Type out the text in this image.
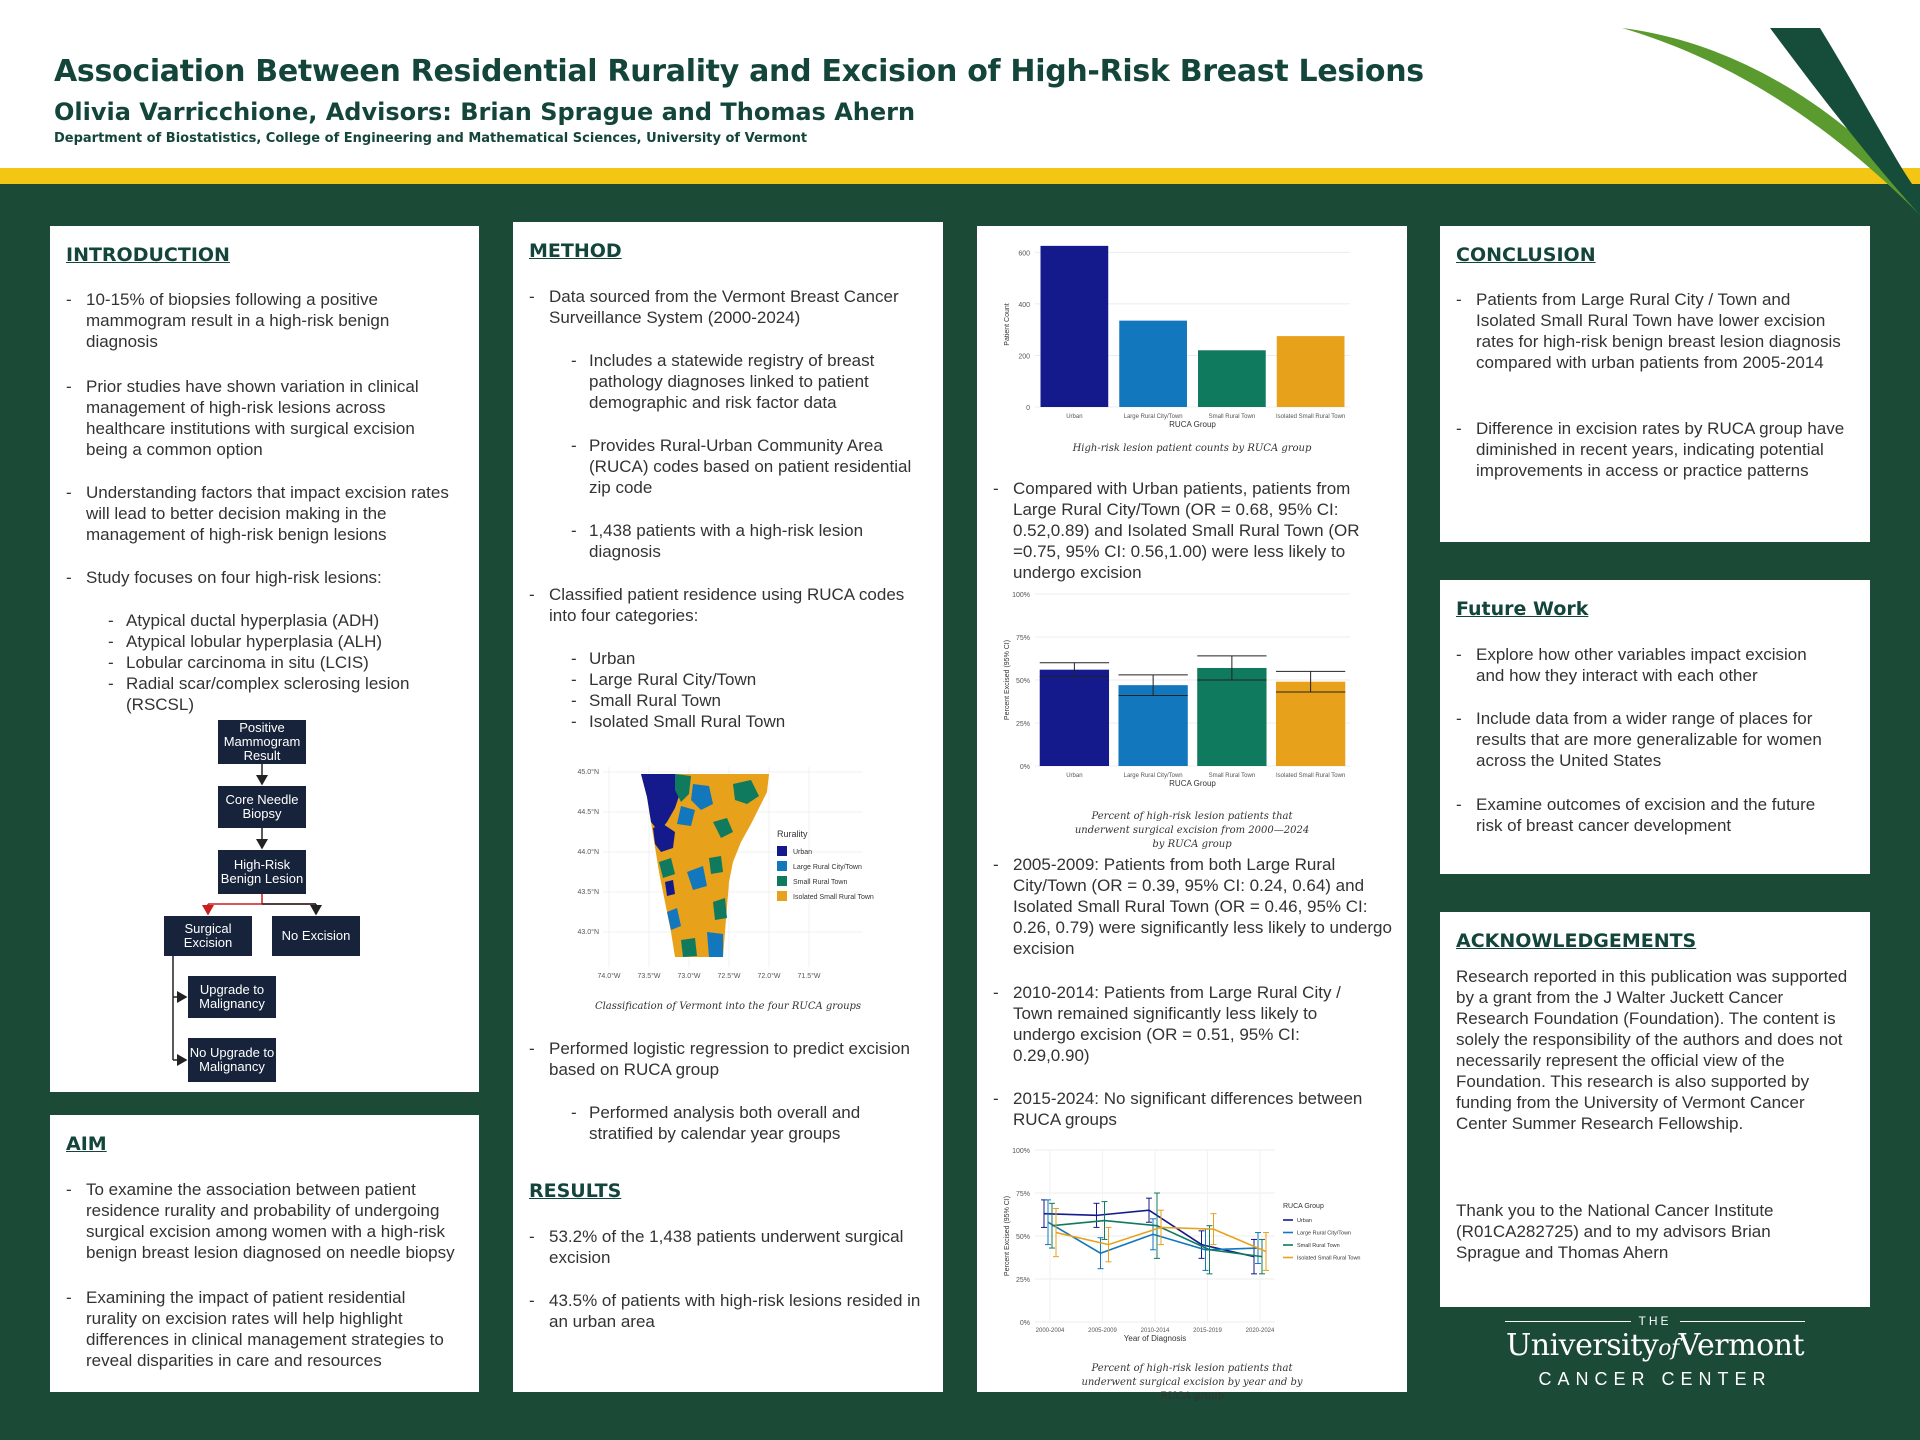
Association Between Residential Rurality and Excision of High-Risk Breast Lesions
Olivia Varricchione, Advisors: Brian Sprague and Thomas Ahern
Department of Biostatistics, College of Engineering and Mathematical Sciences, University of Vermont
INTRODUCTION
- 10-15% of biopsies following a positive mammogram result in a high-risk benign diagnosis
- Prior studies have shown variation in clinical management of high-risk lesions across healthcare institutions with surgical excision being a common option
- Understanding factors that impact excision rates will lead to better decision making in the management of high-risk benign lesions
- Study focuses on four high-risk lesions:
- Atypical ductal hyperplasia (ADH)
- Atypical lobular hyperplasia (ALH)
- Lobular carcinoma in situ (LCIS)
- Radial scar/complex sclerosing lesion (RSCSL)
Positive Mammogram Result
Core Needle Biopsy
High-Risk Benign Lesion
Surgical Excision	No Excision
Upgrade to Malignancy
No Upgrade to Malignancy
AIM
- To examine the association between patient residence rurality and probability of undergoing surgical excision among women with a high-risk benign breast lesion diagnosed on needle biopsy
- Examining the impact of patient residential rurality on excision rates will help highlight differences in clinical management strategies to reveal disparities in care and resources
METHOD
- Data sourced from the Vermont Breast Cancer Surveillance System (2000-2024)
- Includes a statewide registry of breast pathology diagnoses linked to patient demographic and risk factor data
- Provides Rural-Urban Community Area (RUCA) codes based on patient residential zip code
- 1,438 patients with a high-risk lesion diagnosis
- Classified patient residence using RUCA codes into four categories:
- Urban
- Large Rural City/Town
- Small Rural Town
- Isolated Small Rural Town
45.0°N
44.5°N
44.0°N
43.5°N
43.0°N
74.0°W 73.5°W 73.0°W 72.5°W 72.0°W 71.5°W
Rurality
Urban
Large Rural City/Town
Small Rural Town
Isolated Small Rural Town
Classification of Vermont into the four RUCA groups
- Performed logistic regression to predict excision based on RUCA group
- Performed analysis both overall and stratified by calendar year groups
RESULTS
- 53.2% of the 1,438 patients underwent surgical excision
- 43.5% of patients with high-risk lesions resided in an urban area
0
200
400
600
Urban	Large Rural City/Town	Small Rural Town	Isolated Small Rural Town
RUCA Group
Patient Count
High-risk lesion patient counts by RUCA group
- Compared with Urban patients, patients from Large Rural City/Town (OR = 0.68, 95% CI: 0.52,0.89) and Isolated Small Rural Town (OR =0.75, 95% CI: 0.56,1.00) were less likely to undergo excision
0%
25%
50%
75%
100%
Urban	Large Rural City/Town	Small Rural Town	Isolated Small Rural Town
RUCA Group
Percent Excised (95% CI)
Percent of high-risk lesion patients that underwent surgical excision from 2000—2024 by RUCA group
- 2005-2009: Patients from both Large Rural City/Town (OR = 0.39, 95% CI: 0.24, 0.64) and Isolated Small Rural Town (OR = 0.46, 95% CI: 0.26, 0.79) were significantly less likely to undergo excision
- 2010-2014: Patients from Large Rural City / Town remained significantly less likely to undergo excision (OR = 0.51, 95% CI: 0.29,0.90)
- 2015-2024: No significant differences between RUCA groups
0%
25%
50%
75%
100%
2000-2004	2005-2009	2010-2014	2015-2019	2020-2024
Year of Diagnosis
Percent Excised (95% CI)	RUCA Group
Urban
Large Rural City/Town
Small Rural Town
Isolated Small Rural Town
Percent of high-risk lesion patients that underwent surgical excision by year and by RUCA group
CONCLUSION
- Patients from Large Rural City / Town and Isolated Small Rural Town have lower excision rates for high-risk benign breast lesion diagnosis compared with urban patients from 2005-2014
- Difference in excision rates by RUCA group have diminished in recent years, indicating potential improvements in access or practice patterns
Future Work
- Explore how other variables impact excision and how they interact with each other
- Include data from a wider range of places for results that are more generalizable for women across the United States
- Examine outcomes of excision and the future risk of breast cancer development
ACKNOWLEDGEMENTS
Research reported in this publication was supported by a grant from the J Walter Juckett Cancer Research Foundation (Foundation). The content is solely the responsibility of the authors and does not necessarily represent the official view of the Foundation. This research is also supported by funding from the University of Vermont Cancer Center Summer Research Fellowship.
Thank you to the National Cancer Institute (R01CA282725) and to my advisors Brian Sprague and Thomas Ahern
THE
UniversityofVermont
CANCER CENTER
